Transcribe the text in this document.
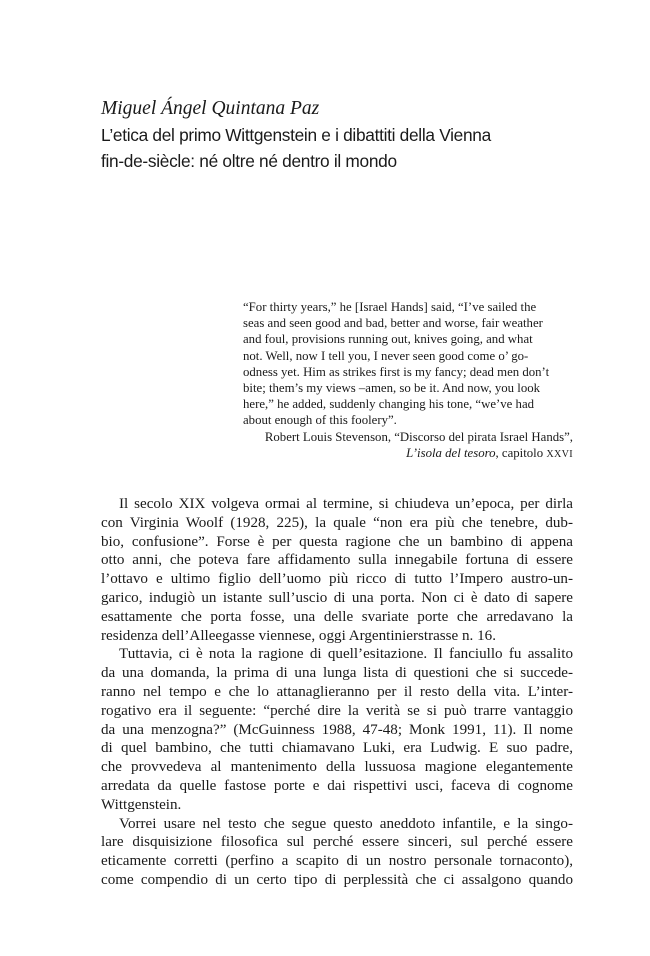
Miguel Ángel Quintana Paz

L’etica del primo Wittgenstein e i dibattiti della Vienna
fin-de-siècle: né oltre né dentro il mondo

“For thirty years,” he [Israel Hands] said, “I’ve sailed the
seas and seen good and bad, better and worse, fair weather
and foul, provisions running out, knives going, and what
not. Well, now I tell you, I never seen good come o’ go-
odness yet. Him as strikes first is my fancy; dead men don’t
bite; them’s my views –amen, so be it. And now, you look
here,” he added, suddenly changing his tone, “we’ve had
about enough of this foolery”.
Robert Louis Stevenson, “Discorso del pirata Israel Hands”,
L’isola del tesoro, capitolo XXVI
Il secolo XIX volgeva ormai al termine, si chiudeva un’epoca, per dirla
con Virginia Woolf (1928, 225), la quale “non era più che tenebre, dub-
bio, confusione”. Forse è per questa ragione che un bambino di appena
otto anni, che poteva fare affidamento sulla innegabile fortuna di essere
l’ottavo e ultimo figlio dell’uomo più ricco di tutto l’Impero austro-un-
garico, indugiò un istante sull’uscio di una porta. Non ci è dato di sapere
esattamente che porta fosse, una delle svariate porte che arredavano la
residenza dell’Alleegasse viennese, oggi Argentinierstrasse n. 16.
Tuttavia, ci è nota la ragione di quell’esitazione. Il fanciullo fu assalito
da una domanda, la prima di una lunga lista di questioni che si succede-
ranno nel tempo e che lo attanaglieranno per il resto della vita. L’inter-
rogativo era il seguente: “perché dire la verità se si può trarre vantaggio
da una menzogna?” (McGuinness 1988, 47-48; Monk 1991, 11). Il nome
di quel bambino, che tutti chiamavano Luki, era Ludwig. E suo padre,
che provvedeva al mantenimento della lussuosa magione elegantemente
arredata da quelle fastose porte e dai rispettivi usci, faceva di cognome
Wittgenstein.
Vorrei usare nel testo che segue questo aneddoto infantile, e la singo-
lare disquisizione filosofica sul perché essere sinceri, sul perché essere
eticamente corretti (perfino a scapito di un nostro personale tornaconto),
come compendio di un certo tipo di perplessità che ci assalgono quando
